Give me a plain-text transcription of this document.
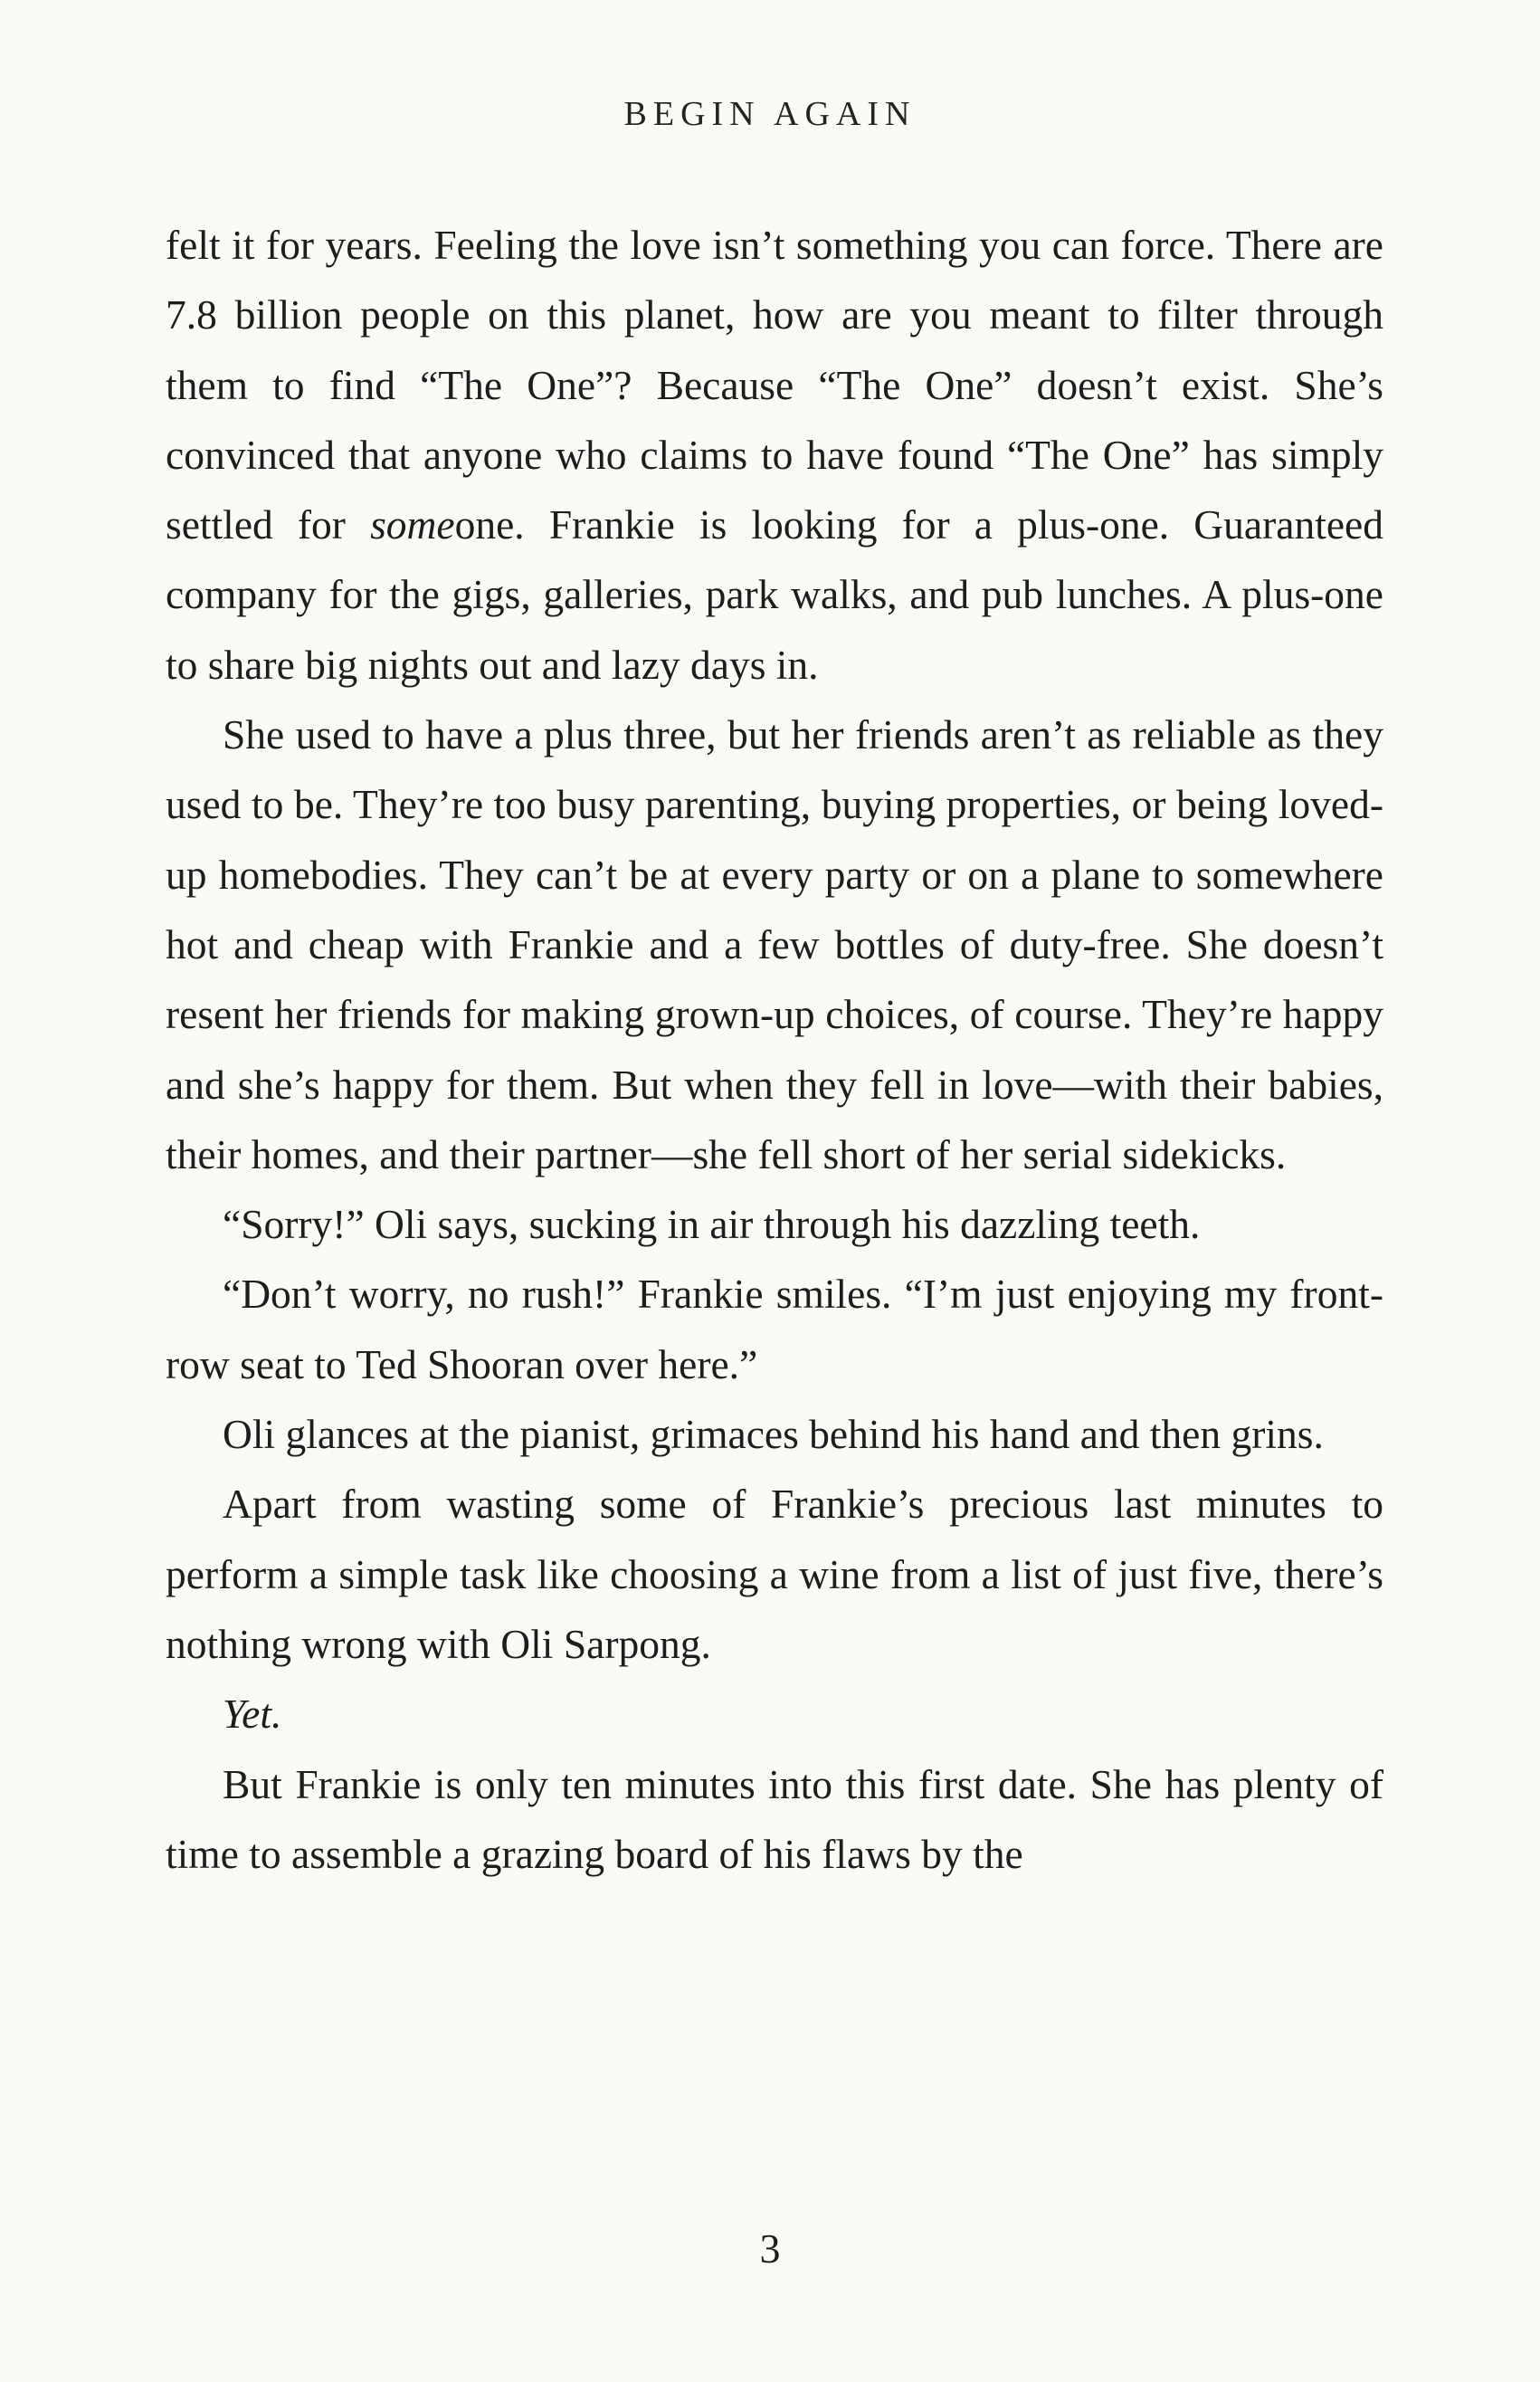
BEGIN AGAIN

felt it for years. Feeling the love isn’t something you can force. There are 7.8 billion people on this planet, how are you meant to filter through them to find “The One”? Because “The One” doesn’t exist. She’s convinced that anyone who claims to have found “The One” has simply settled for someone. Frankie is looking for a plus-one. Guaranteed company for the gigs, galleries, park walks, and pub lunches. A plus-one to share big nights out and lazy days in.

She used to have a plus three, but her friends aren’t as reliable as they used to be. They’re too busy parenting, buying properties, or being loved-up homebodies. They can’t be at every party or on a plane to somewhere hot and cheap with Frankie and a few bottles of duty-free. She doesn’t resent her friends for making grown-up choices, of course. They’re happy and she’s happy for them. But when they fell in love—with their babies, their homes, and their partner—she fell short of her serial sidekicks.

“Sorry!” Oli says, sucking in air through his dazzling teeth.

“Don’t worry, no rush!” Frankie smiles. “I’m just enjoying my front-row seat to Ted Shooran over here.”

Oli glances at the pianist, grimaces behind his hand and then grins.

Apart from wasting some of Frankie’s precious last minutes to perform a simple task like choosing a wine from a list of just five, there’s nothing wrong with Oli Sarpong.

Yet.

But Frankie is only ten minutes into this first date. She has plenty of time to assemble a grazing board of his flaws by the

3
